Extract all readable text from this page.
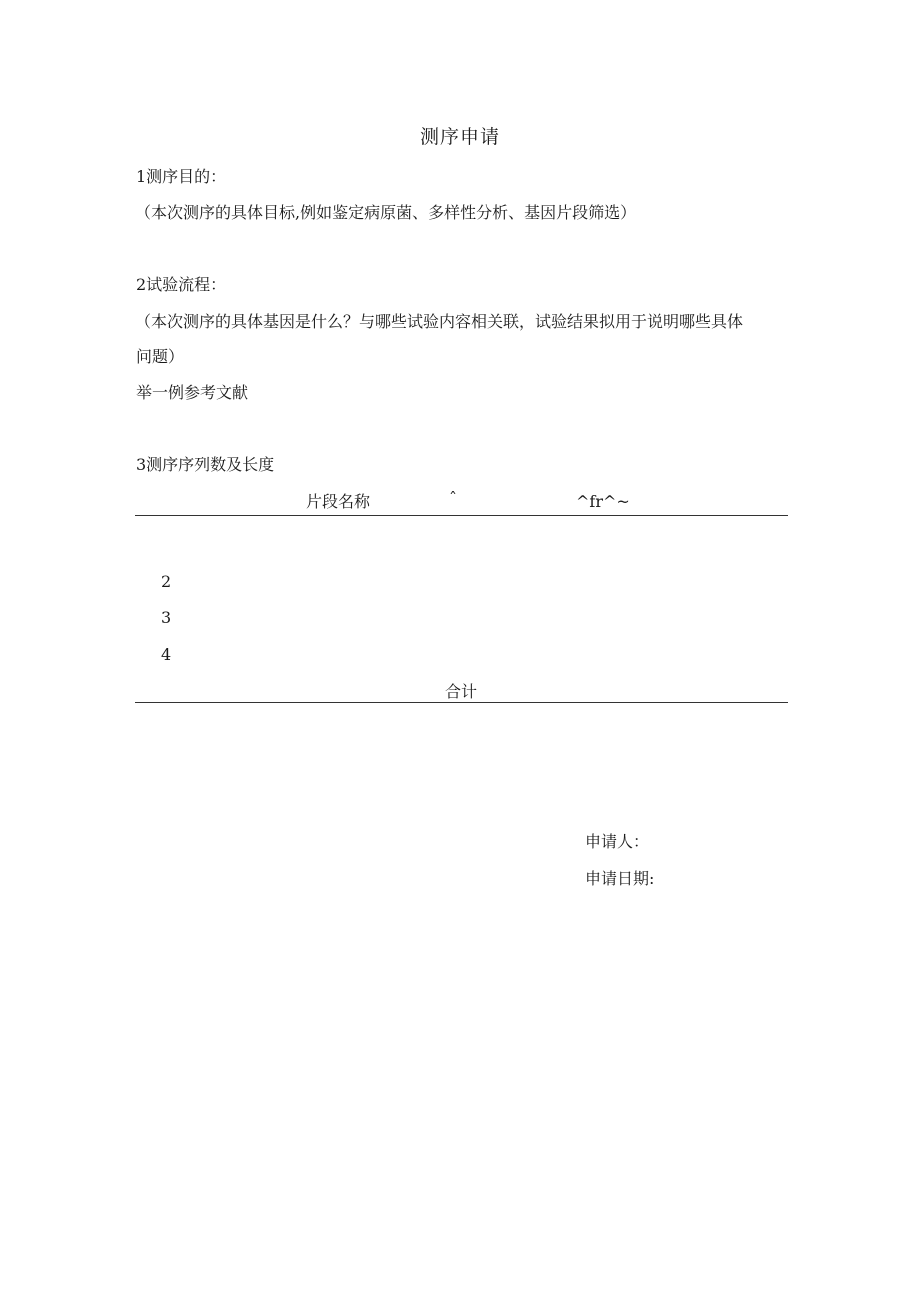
测序申请
1测序目的：
（本次测序的具体目标,例如鉴定病原菌、多样性分析、基因片段筛选）
2试验流程：
（本次测序的具体基因是什么？与哪些试验内容相关联，试验结果拟用于说明哪些具体
问题）
举一例参考文献
3测序序列数及长度
片段名称	ˆ	^fr^~
2
3
4
合计
申请人：
申请日期:
